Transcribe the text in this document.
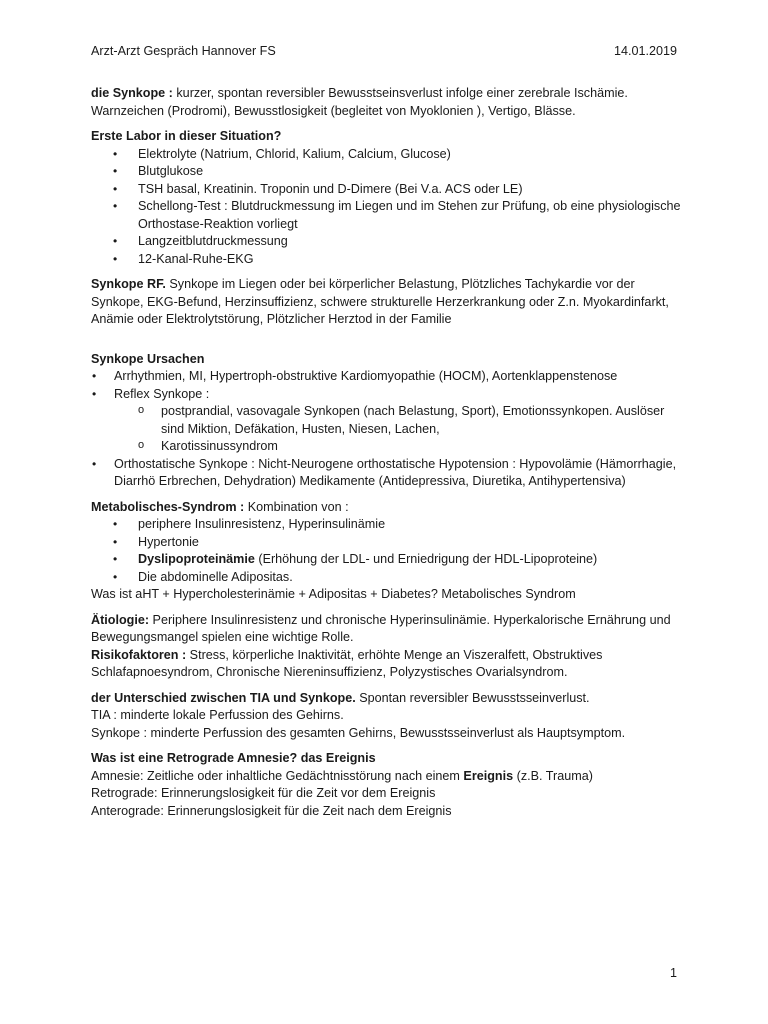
Arzt-Arzt Gespräch Hannover FS	14.01.2019

die Synkope : kurzer, spontan reversibler Bewusstseinsverlust infolge einer zerebrale Ischämie.

Warnzeichen (Prodromi), Bewusstlosigkeit (begleitet von Myoklonien ), Vertigo, Blässe.

Erste Labor in dieser Situation?

• Elektrolyte (Natrium, Chlorid, Kalium, Calcium, Glucose)
• Blutglukose
• TSH basal, Kreatinin. Troponin und D-Dimere (Bei V.a. ACS oder LE)
• Schellong-Test : Blutdruckmessung im Liegen und im Stehen zur Prüfung, ob eine physiologische Orthostase-Reaktion vorliegt
• Langzeitblutdruckmessung
• 12-Kanal-Ruhe-EKG

Synkope RF. Synkope im Liegen oder bei körperlicher Belastung, Plötzliches Tachykardie vor der Synkope, EKG-Befund, Herzinsuffizienz, schwere strukturelle Herzerkrankung oder Z.n. Myokardinfarkt, Anämie oder Elektrolytstörung, Plötzlicher Herztod in der Familie

Synkope Ursachen

• Arrhythmien, MI, Hypertroph-obstruktive Kardiomyopathie (HOCM), Aortenklappenstenose
• Reflex Synkope :
o postprandial, vasovagale Synkopen (nach Belastung, Sport), Emotionssynkopen. Auslöser sind Miktion, Defäkation, Husten, Niesen, Lachen,
o Karotissinussyndrom
• Orthostatische Synkope : Nicht-Neurogene orthostatische Hypotension : Hypovolämie (Hämorrhagie, Diarrhö Erbrechen, Dehydration) Medikamente (Antidepressiva, Diuretika, Antihypertensiva)

Metabolisches-Syndrom : Kombination von :

• periphere Insulinresistenz, Hyperinsulinämie
• Hypertonie
• Dyslipoproteinämie (Erhöhung der LDL- und Erniedrigung der HDL-Lipoproteine)
• Die abdominelle Adipositas.

Was ist aHT + Hypercholesterinämie + Adipositas + Diabetes? Metabolisches Syndrom

Ätiologie: Periphere Insulinresistenz und chronische Hyperinsulinämie. Hyperkalorische Ernährung und Bewegungsmangel spielen eine wichtige Rolle.

Risikofaktoren : Stress, körperliche Inaktivität, erhöhte Menge an Viszeralfett, Obstruktives Schlafapnoesyndrom, Chronische Niereninsuffizienz, Polyzystisches Ovarialsyndrom.

der Unterschied zwischen TIA und Synkope. Spontan reversibler Bewusstsseinverlust.

TIA : minderte lokale Perfussion des Gehirns.

Synkope : minderte Perfussion des gesamten Gehirns, Bewusstsseinverlust als Hauptsymptom.

Was ist eine Retrograde Amnesie? das Ereignis

Amnesie: Zeitliche oder inhaltliche Gedächtnisstörung nach einem Ereignis (z.B. Trauma)

Retrograde: Erinnerungslosigkeit für die Zeit vor dem Ereignis

Anterograde: Erinnerungslosigkeit für die Zeit nach dem Ereignis

1
